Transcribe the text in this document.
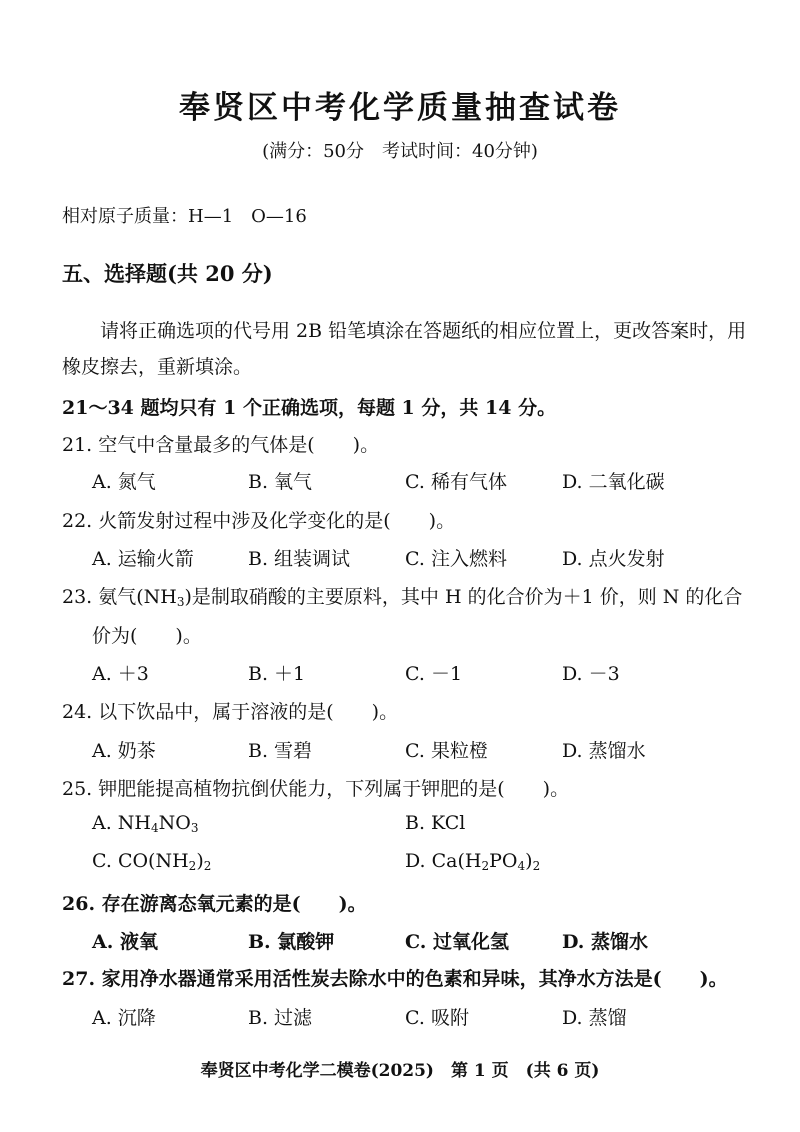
奉贤区中考化学质量抽查试卷
(满分：50分　考试时间：40分钟)
相对原子质量：H—1　O—16
五、选择题(共 20 分)
请将正确选项的代号用 2B 铅笔填涂在答题纸的相应位置上，更改答案时，用
橡皮擦去，重新填涂。
21～34 题均只有 1 个正确选项，每题 1 分，共 14 分。
21. 空气中含量最多的气体是(　　)。
A. 氮气	B. 氧气	C. 稀有气体	D. 二氧化碳
22. 火箭发射过程中涉及化学变化的是(　　)。
A. 运输火箭	B. 组装调试	C. 注入燃料	D. 点火发射
23. 氨气$(NH_3)$是制取硝酸的主要原料，其中 H 的化合价为＋1 价，则 N 的化合
价为(　　)。
A. ＋3	B. ＋1	C. －1	D. －3
24. 以下饮品中，属于溶液的是(　　)。
A. 奶茶	B. 雪碧	C. 果粒橙	D. 蒸馏水
25. 钾肥能提高植物抗倒伏能力，下列属于钾肥的是(　　)。
A. $NH_4NO_3$	B. KCl
C. $CO(NH_2)_2$	D. $Ca(H_2PO_4)_2$
26. 存在游离态氧元素的是(　　)。
A. 液氧	B. 氯酸钾	C. 过氧化氢	D. 蒸馏水
27. 家用净水器通常采用活性炭去除水中的色素和异味，其净水方法是(　　)。
A. 沉降	B. 过滤	C. 吸附	D. 蒸馏
奉贤区中考化学二模卷(2025)　第 1 页　(共 6 页)
